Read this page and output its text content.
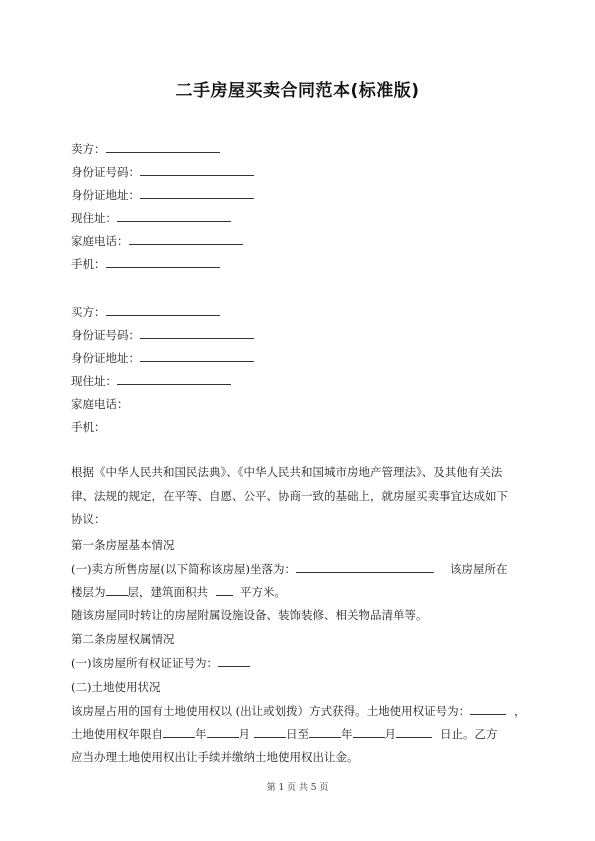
二手房屋买卖合同范本(标准版)
卖方：
身份证号码：
身份证地址：
现住址：
家庭电话：
手机：
买方：
身份证号码：
身份证地址：
现住址：
家庭电话：
手机：
根据《中华人民共和国民法典》、《中华人民共和国城市房地产管理法》、及其他有关法
律、法规的规定，在平等、自愿、公平、协商一致的基础上，就房屋买卖事宜达成如下
协议：
第一条房屋基本情况
(一)卖方所售房屋(以下简称该房屋)坐落为：	该房屋所在
楼层为 层，建筑面积共	平方米。
随该房屋同时转让的房屋附属设施设备、装饰装修、相关物品清单等。
第二条房屋权属情况
(一)该房屋所有权证证号为：
(二)土地使用状况
该房屋占用的国有土地使用权以 (出让或划拨）方式获得。土地使用权证号为：	，
土地使用权年限自	年	月	日至	年	月	日止。乙方
应当办理土地使用权出让手续并缴纳土地使用权出让金。
第 1 页 共 5 页
